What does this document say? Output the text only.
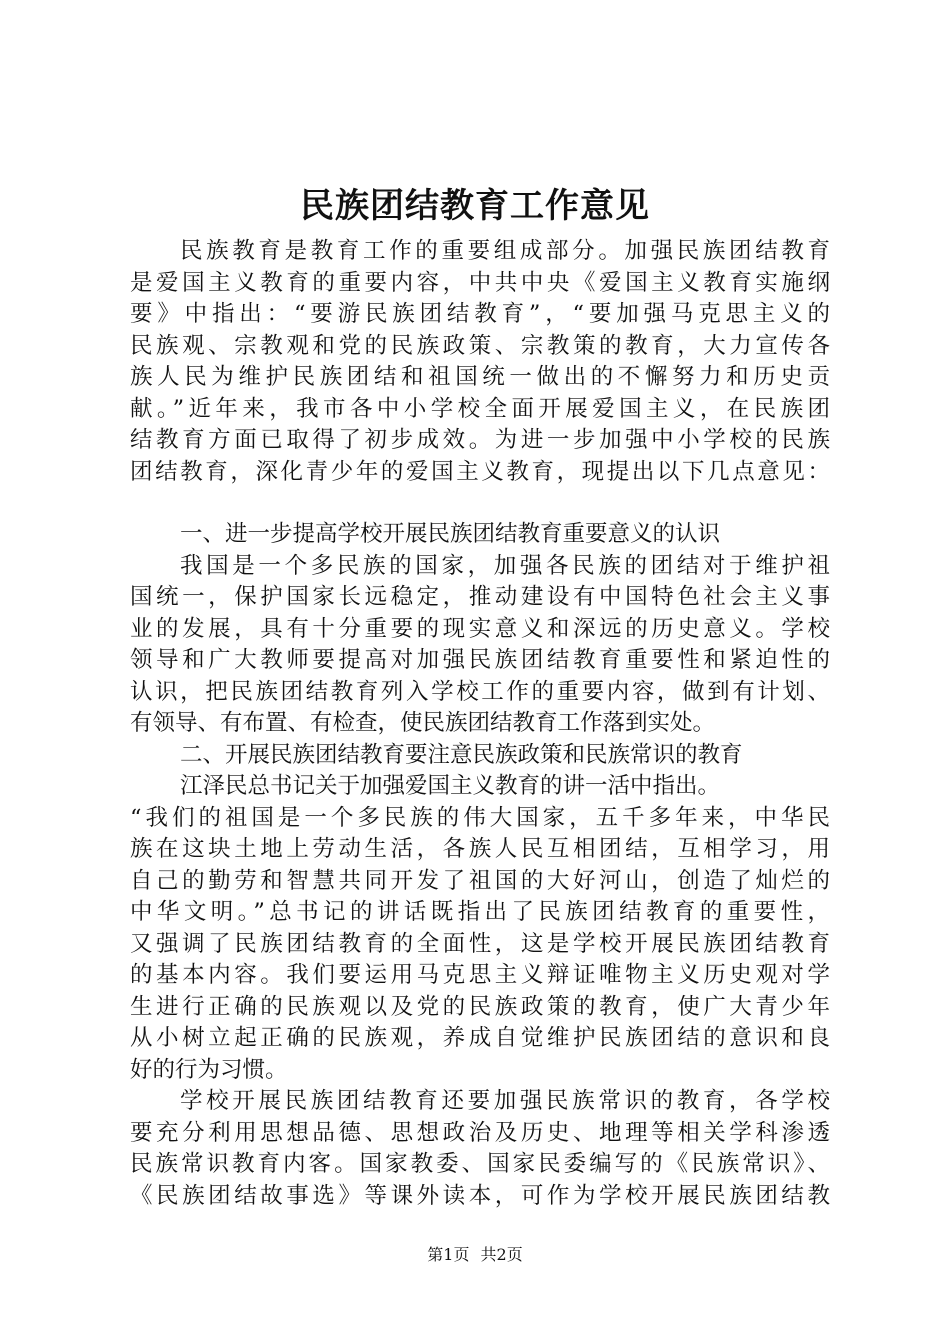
民族团结教育工作意见
民族教育是教育工作的重要组成部分。加强民族团结教育
是爱国主义教育的重要内容，中共中央《爱国主义教育实施纲
要》中指出：“要游民族团结教育”，“要加强马克思主义的
民族观、宗教观和党的民族政策、宗教策的教育，大力宣传各
族人民为维护民族团结和祖国统一做出的不懈努力和历史贡
献。”近年来，我市各中小学校全面开展爱国主义，在民族团
结教育方面已取得了初步成效。为进一步加强中小学校的民族
团结教育，深化青少年的爱国主义教育，现提出以下几点意见：
一、进一步提高学校开展民族团结教育重要意义的认识
我国是一个多民族的国家，加强各民族的团结对于维护祖
国统一，保护国家长远稳定，推动建设有中国特色社会主义事
业的发展，具有十分重要的现实意义和深远的历史意义。学校
领导和广大教师要提高对加强民族团结教育重要性和紧迫性的
认识，把民族团结教育列入学校工作的重要内容，做到有计划、
有领导、有布置、有检查，使民族团结教育工作落到实处。
二、开展民族团结教育要注意民族政策和民族常识的教育
江泽民总书记关于加强爱国主义教育的讲一活中指出。
“我们的祖国是一个多民族的伟大国家，五千多年来，中华民
族在这块土地上劳动生活，各族人民互相团结，互相学习，用
自己的勤劳和智慧共同开发了祖国的大好河山，创造了灿烂的
中华文明。”总书记的讲话既指出了民族团结教育的重要性，
又强调了民族团结教育的全面性，这是学校开展民族团结教育
的基本内容。我们要运用马克思主义辩证唯物主义历史观对学
生进行正确的民族观以及党的民族政策的教育，使广大青少年
从小树立起正确的民族观，养成自觉维护民族团结的意识和良
好的行为习惯。
学校开展民族团结教育还要加强民族常识的教育，各学校
要充分利用思想品德、思想政治及历史、地理等相关学科渗透
民族常识教育内客。国家教委、国家民委编写的《民族常识》、
《民族团结故事选》等课外读本，可作为学校开展民族团结教
第1页 共2页
